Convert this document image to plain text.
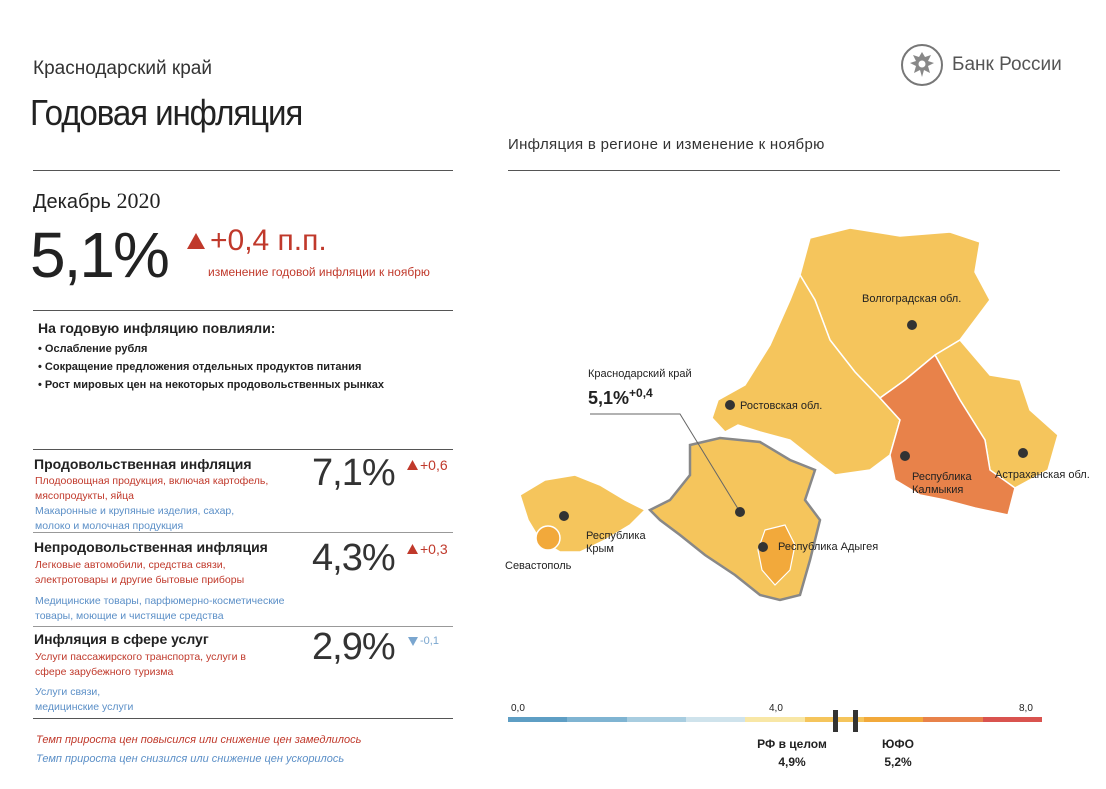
Краснодарский край
Годовая инфляция
Банк России
Инфляция в регионе и изменение к ноябрю
Декабрь 2020
5,1% +0,4 п.п.
изменение годовой инфляции к ноябрю
На годовую инфляцию повлияли:
• Ослабление рубля
• Сокращение предложения отдельных продуктов питания
• Рост мировых цен на некоторых продовольственных рынках
Продовольственная инфляция
Плодоовощная продукция, включая картофель,
мясопродукты, яйца
Макаронные и крупяные изделия, сахар,
молоко и молочная продукция
7,1% +0,6
Непродовольственная инфляция
Легковые автомобили, средства связи,
электротовары и другие бытовые приборы
Медицинские товары, парфюмерно-косметические
товары, моющие и чистящие средства
4,3% +0,3
Инфляция в сфере услуг
Услуги пассажирского транспорта, услуги в
сфере зарубежного туризма
Услуги связи,
медицинские услуги
2,9% -0,1
Темп прироста цен повысился или снижение цен замедлилось
Темп прироста цен снизился или снижение цен ускорилось
Волгоградская обл.
Ростовская обл.
Республика
Калмыкия
Астраханская обл.
Республика
Крым	Республика Адыгея
Севастополь
Краснодарский край
5,1%$^{+0,4}$
0,0	4,0	8,0
РФ в целом
4,9%
ЮФО
5,2%
